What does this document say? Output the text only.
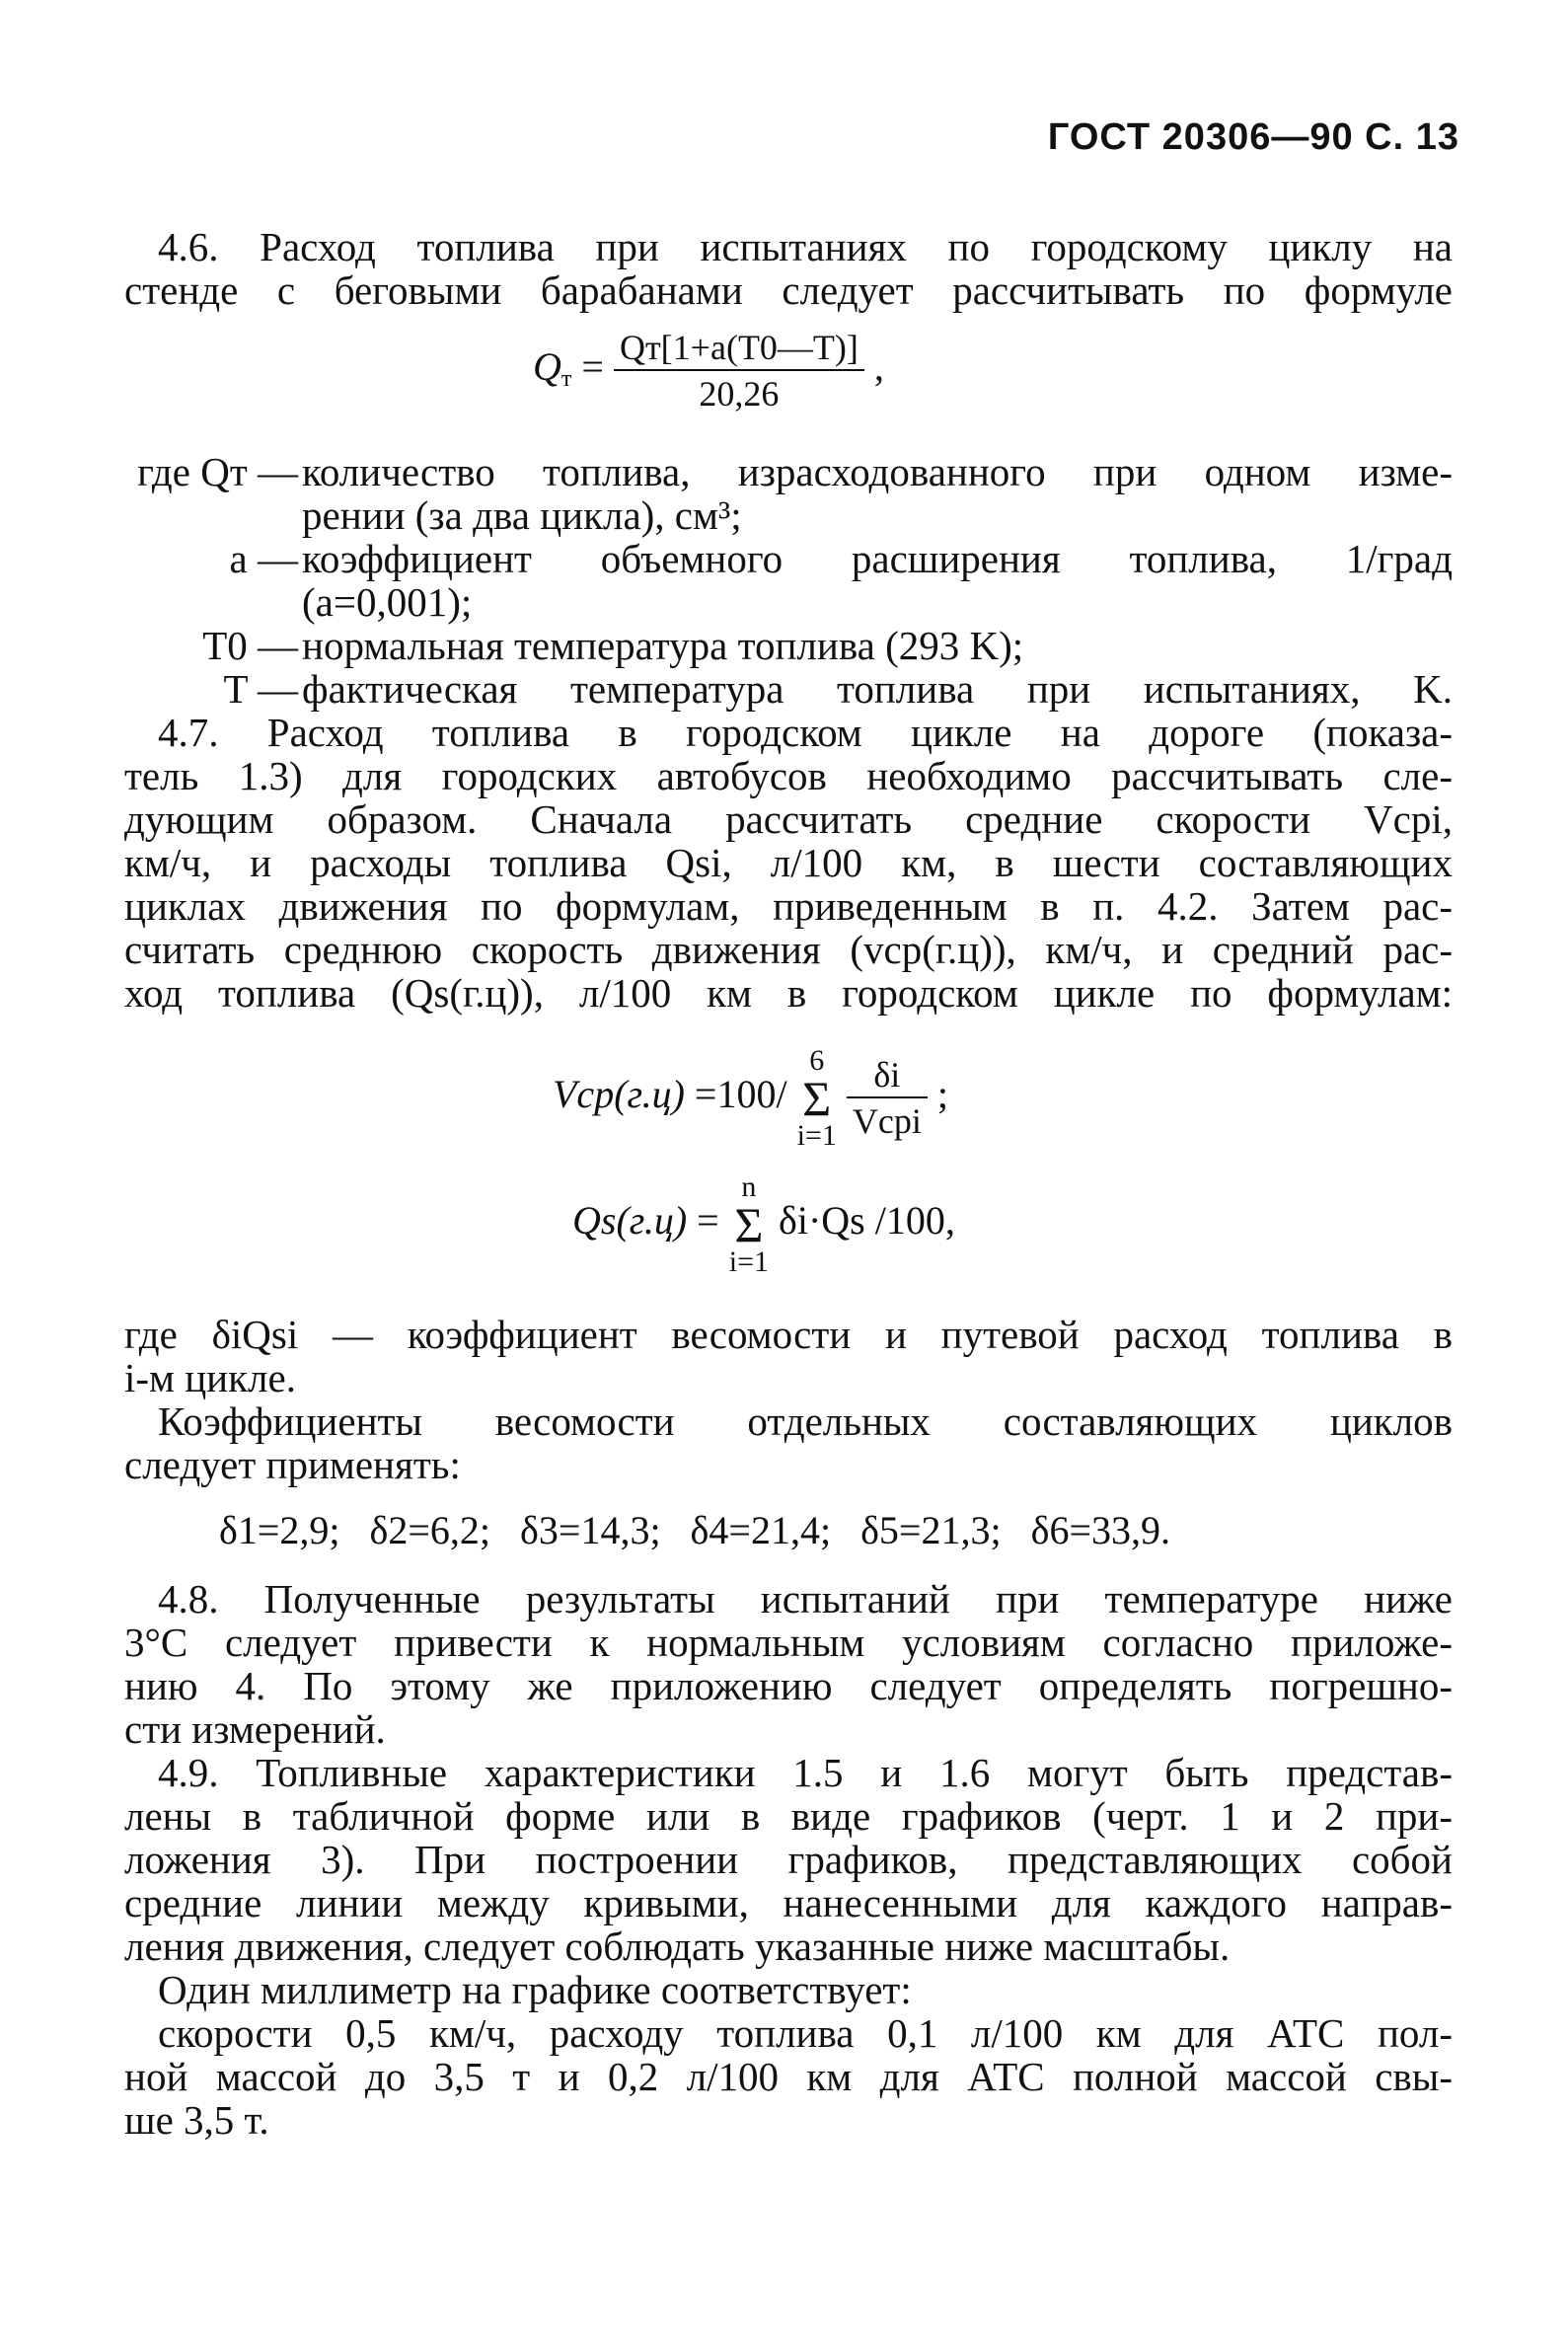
ГОСТ 20306—90 С. 13
4.6. Расход топлива при испытаниях по городскому циклу на
стенде с беговыми барабанами следует рассчитывать по формуле
$Q_т = \frac{Qт[1+a(T0—T)]}{20,26}$ ,
где Qт — количество топлива, израсходованного при одном изме-
рении (за два цикла), см³;
a — коэффициент объемного расширения топлива, 1/град
(a=0,001);
T0 — нормальная температура топлива (293 K);
T — фактическая температура топлива при испытаниях, K.
4.7. Расход топлива в городском цикле на дороге (показа-
тель 1.3) для городских автобусов необходимо рассчитывать сле-
дующим образом. Сначала рассчитать средние скорости Vсрi,
км/ч, и расходы топлива Qsi, л/100 км, в шести составляющих
циклах движения по формулам, приведенным в п. 4.2. Затем рас-
считать среднюю скорость движения (vср(г.ц)), км/ч, и средний рас-
ход топлива (Qs(г.ц)), л/100 км в городском цикле по формулам:
Vср(г.ц) =100/
6
Σ
i=1
$\frac{\delta i}{\text{Vсрi}}$ ;
Qs(г.ц) =
n
Σ
i=1
δi·Qs /100,
где δiQsi — коэффициент весомости и путевой расход топлива в
i-м цикле.
Коэффициенты весомости отдельных составляющих циклов
следует применять:
δ1=2,9;   δ2=6,2;   δ3=14,3;   δ4=21,4;   δ5=21,3;   δ6=33,9.
4.8. Полученные результаты испытаний при температуре ниже
3°С следует привести к нормальным условиям согласно приложе-
нию 4. По этому же приложению следует определять погрешно-
сти измерений.
4.9. Топливные характеристики 1.5 и 1.6 могут быть представ-
лены в табличной форме или в виде графиков (черт. 1 и 2 при-
ложения 3). При построении графиков, представляющих собой
средние линии между кривыми, нанесенными для каждого направ-
ления движения, следует соблюдать указанные ниже масштабы.
Один миллиметр на графике соответствует:
скорости 0,5 км/ч, расходу топлива 0,1 л/100 км для АТС пол-
ной массой до 3,5 т и 0,2 л/100 км для АТС полной массой свы-
ше 3,5 т.
